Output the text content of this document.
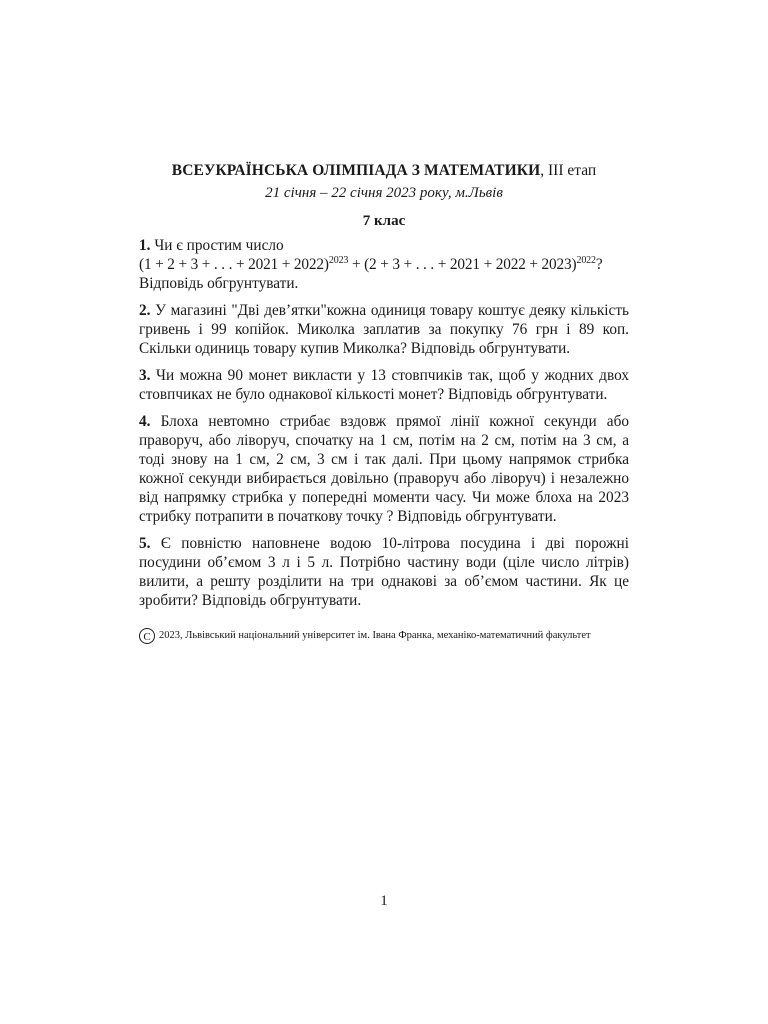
ВСЕУКРАЇНСЬКА ОЛІМПІАДА З МАТЕМАТИКИ, III етап
21 січня – 22 січня 2023 року, м.Львів
7 клас
1. Чи є простим число
(1 + 2 + 3 + . . . + 2021 + 2022)$^{2023}$ + (2 + 3 + . . . + 2021 + 2022 + 2023)$^{2022}$?
Відповідь обгрунтувати.
2. У магазині "Дві дев’ятки"кожна одиниця товару коштує деяку кількість гривень і 99 копійок. Миколка заплатив за покупку 76 грн і 89 коп. Скільки одиниць товару купив Миколка? Відповідь обгрунтувати.
3. Чи можна 90 монет викласти у 13 стовпчиків так, щоб у жодних двох стовпчиках не було однакової кількості монет? Відповідь обгрунтувати.
4. Блоха невтомно стрибає вздовж прямої лінії кожної секунди або праворуч, або ліворуч, спочатку на 1 см, потім на 2 см, потім на 3 см, а тоді знову на 1 см, 2 см, 3 см і так далі. При цьому напрямок стрибка кожної секунди вибирається довільно (праворуч або ліворуч) і незалежно від напрямку стрибка у попередні моменти часу. Чи може блоха на 2023 стрибку потрапити в початкову точку ? Відповідь обгрунтувати.
5. Є повністю наповнене водою 10-літрова посудина і дві порожні посудини об’ємом 3 л і 5 л. Потрібно частину води (ціле число літрів) вилити, а решту розділити на три однакові за об’ємом частини. Як це зробити? Відповідь обгрунтувати.
C 2023, Львівський національний університет ім. Івана Франка, механіко-математичний факультет
1
